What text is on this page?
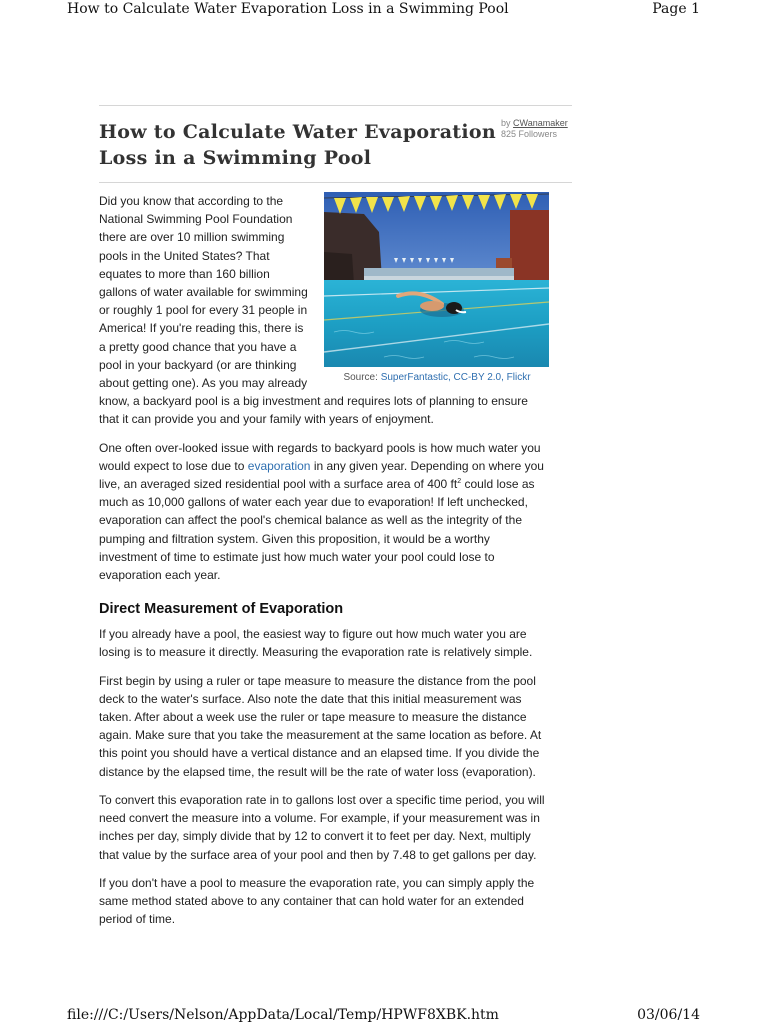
How to Calculate Water Evaporation Loss in a Swimming Pool	Page 1
How to Calculate Water Evaporation Loss in a Swimming Pool
by CWanamaker
825 Followers
Source: SuperFantastic, CC-BY 2.0, Flickr

Did you know that according to the National Swimming Pool Foundation there are over 10 million swimming pools in the United States? That equates to more than 160 billion gallons of water available for swimming or roughly 1 pool for every 31 people in America! If you're reading this, there is a pretty good chance that you have a pool in your backyard (or are thinking about getting one). As you may already know, a backyard pool is a big investment and requires lots of planning to ensure that it can provide you and your family with years of enjoyment.

One often over-looked issue with regards to backyard pools is how much water you would expect to lose due to evaporation in any given year. Depending on where you live, an averaged sized residential pool with a surface area of 400 $ft^2$ could lose as much as 10,000 gallons of water each year due to evaporation! If left unchecked, evaporation can affect the pool's chemical balance as well as the integrity of the pumping and filtration system. Given this proposition, it would be a worthy investment of time to estimate just how much water your pool could lose to evaporation each year.

Direct Measurement of Evaporation

If you already have a pool, the easiest way to figure out how much water you are losing is to measure it directly. Measuring the evaporation rate is relatively simple.

First begin by using a ruler or tape measure to measure the distance from the pool deck to the water's surface. Also note the date that this initial measurement was taken. After about a week use the ruler or tape measure to measure the distance again. Make sure that you take the measurement at the same location as before. At this point you should have a vertical distance and an elapsed time. If you divide the distance by the elapsed time, the result will be the rate of water loss (evaporation).

To convert this evaporation rate in to gallons lost over a specific time period, you will need convert the measure into a volume. For example, if your measurement was in inches per day, simply divide that by 12 to convert it to feet per day. Next, multiply that value by the surface area of your pool and then by 7.48 to get gallons per day.

If you don't have a pool to measure the evaporation rate, you can simply apply the same method stated above to any container that can hold water for an extended period of time.

file:///C:/Users/Nelson/AppData/Local/Temp/HPWF8XBK.htm	03/06/14
